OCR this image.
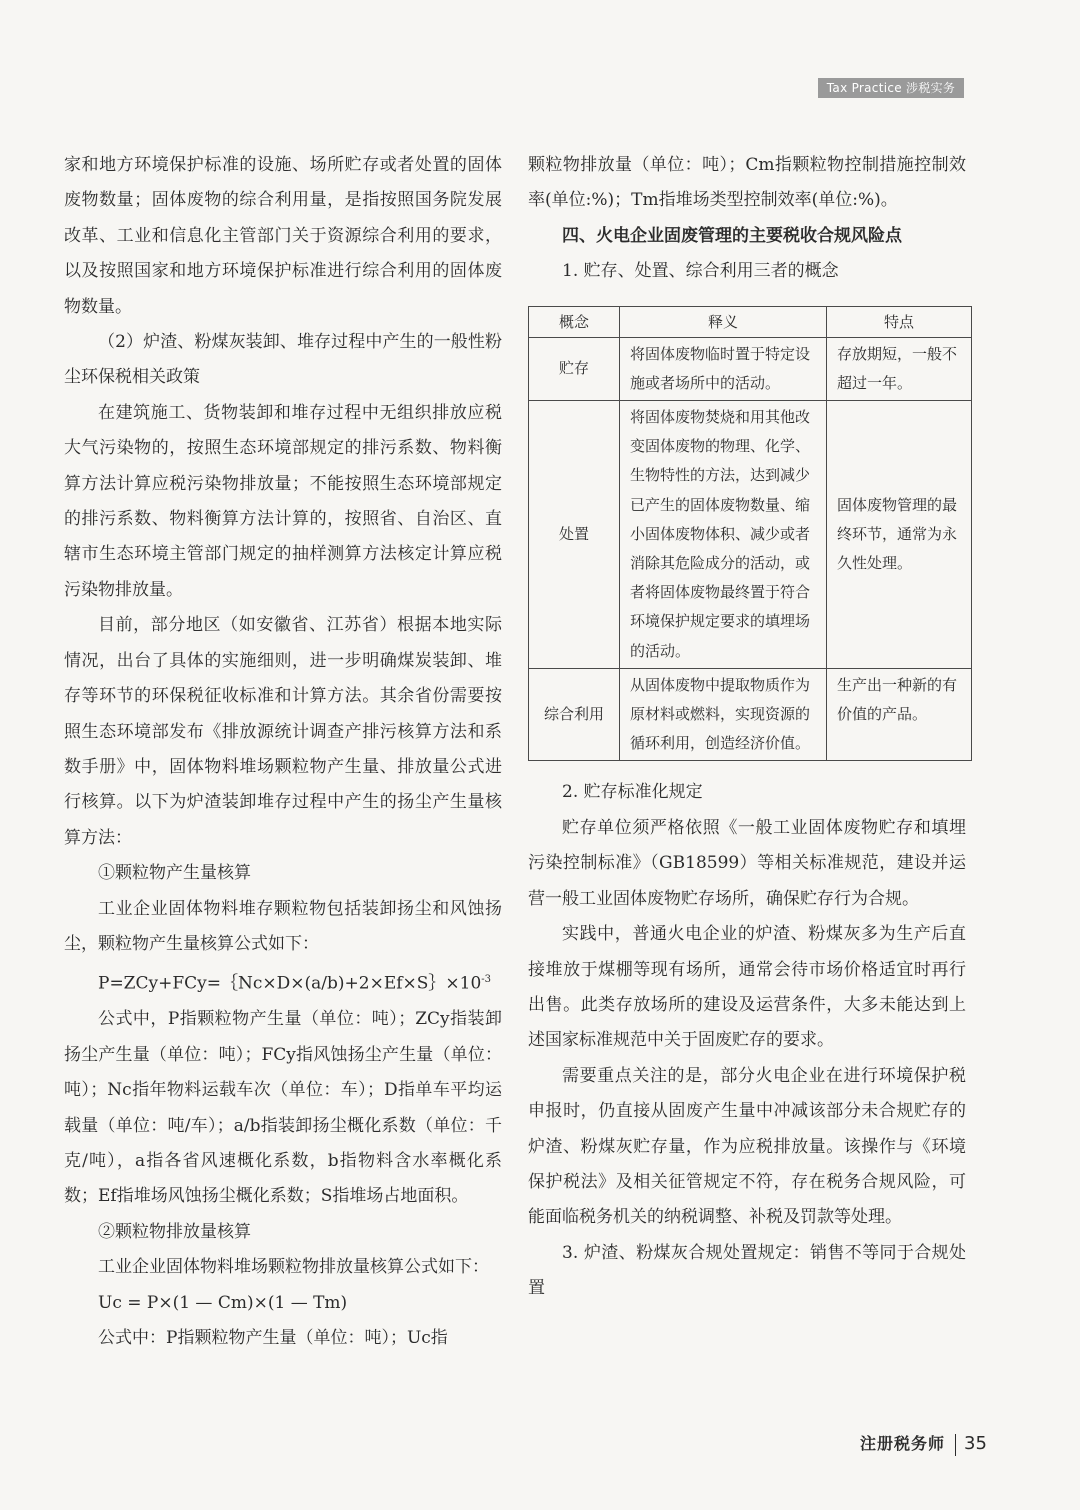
Tax Practice 涉税实务

家和地方环境保护标准的设施、场所贮存或者处置的固体废物数量；固体废物的综合利用量，是指按照国务院发展改革、工业和信息化主管部门关于资源综合利用的要求，以及按照国家和地方环境保护标准进行综合利用的固体废物数量。

（2）炉渣、粉煤灰装卸、堆存过程中产生的一般性粉尘环保税相关政策

在建筑施工、货物装卸和堆存过程中无组织排放应税大气污染物的，按照生态环境部规定的排污系数、物料衡算方法计算应税污染物排放量；不能按照生态环境部规定的排污系数、物料衡算方法计算的，按照省、自治区、直辖市生态环境主管部门规定的抽样测算方法核定计算应税污染物排放量。

目前，部分地区（如安徽省、江苏省）根据本地实际情况，出台了具体的实施细则，进一步明确煤炭装卸、堆存等环节的环保税征收标准和计算方法。其余省份需要按照生态环境部发布《排放源统计调查产排污核算方法和系数手册》中，固体物料堆场颗粒物产生量、排放量公式进行核算。以下为炉渣装卸堆存过程中产生的扬尘产生量核算方法：

①颗粒物产生量核算

工业企业固体物料堆存颗粒物包括装卸扬尘和风蚀扬尘，颗粒物产生量核算公式如下：

$P=ZCy+FCy=\{Nc\times D\times(a/b)+2\times Ef\times S\}\times 10^{-3}$

公式中，P指颗粒物产生量（单位：吨）；ZCy指装卸扬尘产生量（单位：吨）；FCy指风蚀扬尘产生量（单位：吨）；Nc指年物料运载车次（单位：车）；D指单车平均运载量（单位：吨/车）；a/b指装卸扬尘概化系数（单位：千克/吨），a指各省风速概化系数，b指物料含水率概化系数；Ef指堆场风蚀扬尘概化系数；S指堆场占地面积。

②颗粒物排放量核算

工业企业固体物料堆场颗粒物排放量核算公式如下：

Uc = P×(1 — Cm)×(1 — Tm)

公式中：P指颗粒物产生量（单位：吨）；Uc指

颗粒物排放量（单位：吨）；Cm指颗粒物控制措施控制效率(单位:%)；Tm指堆场类型控制效率(单位:%)。

四、火电企业固废管理的主要税收合规风险点

1. 贮存、处置、综合利用三者的概念

概念	释义	特点
贮存	将固体废物临时置于特定设施或者场所中的活动。	存放期短，一般不超过一年。
处置	将固体废物焚烧和用其他改变固体废物的物理、化学、生物特性的方法，达到减少已产生的固体废物数量、缩小固体废物体积、减少或者消除其危险成分的活动，或者将固体废物最终置于符合环境保护规定要求的填埋场的活动。	固体废物管理的最终环节，通常为永久性处理。
综合利用	从固体废物中提取物质作为原材料或燃料，实现资源的循环利用，创造经济价值。	生产出一种新的有价值的产品。

2. 贮存标准化规定

贮存单位须严格依照《一般工业固体废物贮存和填埋污染控制标准》（GB18599）等相关标准规范，建设并运营一般工业固体废物贮存场所，确保贮存行为合规。

实践中，普通火电企业的炉渣、粉煤灰多为生产后直接堆放于煤棚等现有场所，通常会待市场价格适宜时再行出售。此类存放场所的建设及运营条件，大多未能达到上述国家标准规范中关于固废贮存的要求。

需要重点关注的是，部分火电企业在进行环境保护税申报时，仍直接从固废产生量中冲减该部分未合规贮存的炉渣、粉煤灰贮存量，作为应税排放量。该操作与《环境保护税法》及相关征管规定不符，存在税务合规风险，可能面临税务机关的纳税调整、补税及罚款等处理。

3. 炉渣、粉煤灰合规处置规定：销售不等同于合规处置

注册税务师 35
